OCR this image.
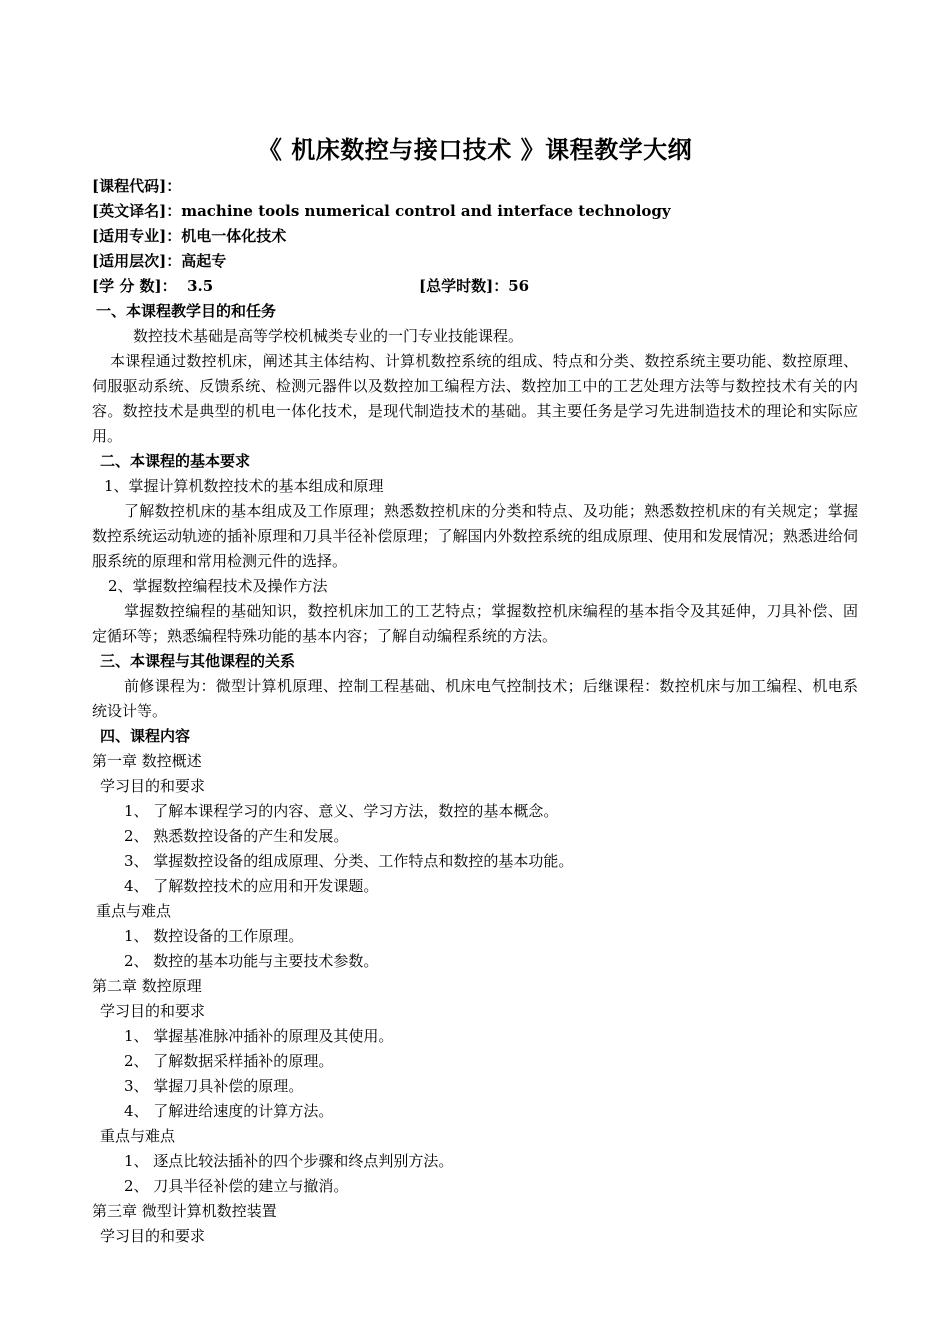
《 机床数控与接口技术 》课程教学大纲
[课程代码]：
[英文译名]：machine tools numerical control and interface technology
[适用专业]：机电一体化技术
[适用层次]：高起专
[学 分 数]： 3.5	[总学时数]：56
一、本课程教学目的和任务
数控技术基础是高等学校机械类专业的一门专业技能课程。
本课程通过数控机床，阐述其主体结构、计算机数控系统的组成、特点和分类、数控系统主要功能、数控原理、伺服驱动系统、反馈系统、检测元器件以及数控加工编程方法、数控加工中的工艺处理方法等与数控技术有关的内容。数控技术是典型的机电一体化技术，是现代制造技术的基础。其主要任务是学习先进制造技术的理论和实际应用。
二、本课程的基本要求
1、掌握计算机数控技术的基本组成和原理
了解数控机床的基本组成及工作原理；熟悉数控机床的分类和特点、及功能；熟悉数控机床的有关规定；掌握数控系统运动轨迹的插补原理和刀具半径补偿原理；了解国内外数控系统的组成原理、使用和发展情况；熟悉进给伺服系统的原理和常用检测元件的选择。
2、掌握数控编程技术及操作方法
掌握数控编程的基础知识，数控机床加工的工艺特点；掌握数控机床编程的基本指令及其延伸，刀具补偿、固定循环等；熟悉编程特殊功能的基本内容；了解自动编程系统的方法。
三、本课程与其他课程的关系
前修课程为：微型计算机原理、控制工程基础、机床电气控制技术；后继课程：数控机床与加工编程、机电系统设计等。
四、课程内容
第一章 数控概述
学习目的和要求
1、 了解本课程学习的内容、意义、学习方法，数控的基本概念。
2、 熟悉数控设备的产生和发展。
3、 掌握数控设备的组成原理、分类、工作特点和数控的基本功能。
4、 了解数控技术的应用和开发课题。
重点与难点
1、 数控设备的工作原理。
2、 数控的基本功能与主要技术参数。
第二章 数控原理
学习目的和要求
1、 掌握基准脉冲插补的原理及其使用。
2、 了解数据采样插补的原理。
3、 掌握刀具补偿的原理。
4、 了解进给速度的计算方法。
重点与难点
1、 逐点比较法插补的四个步骤和终点判别方法。
2、 刀具半径补偿的建立与撤消。
第三章 微型计算机数控装置
学习目的和要求
